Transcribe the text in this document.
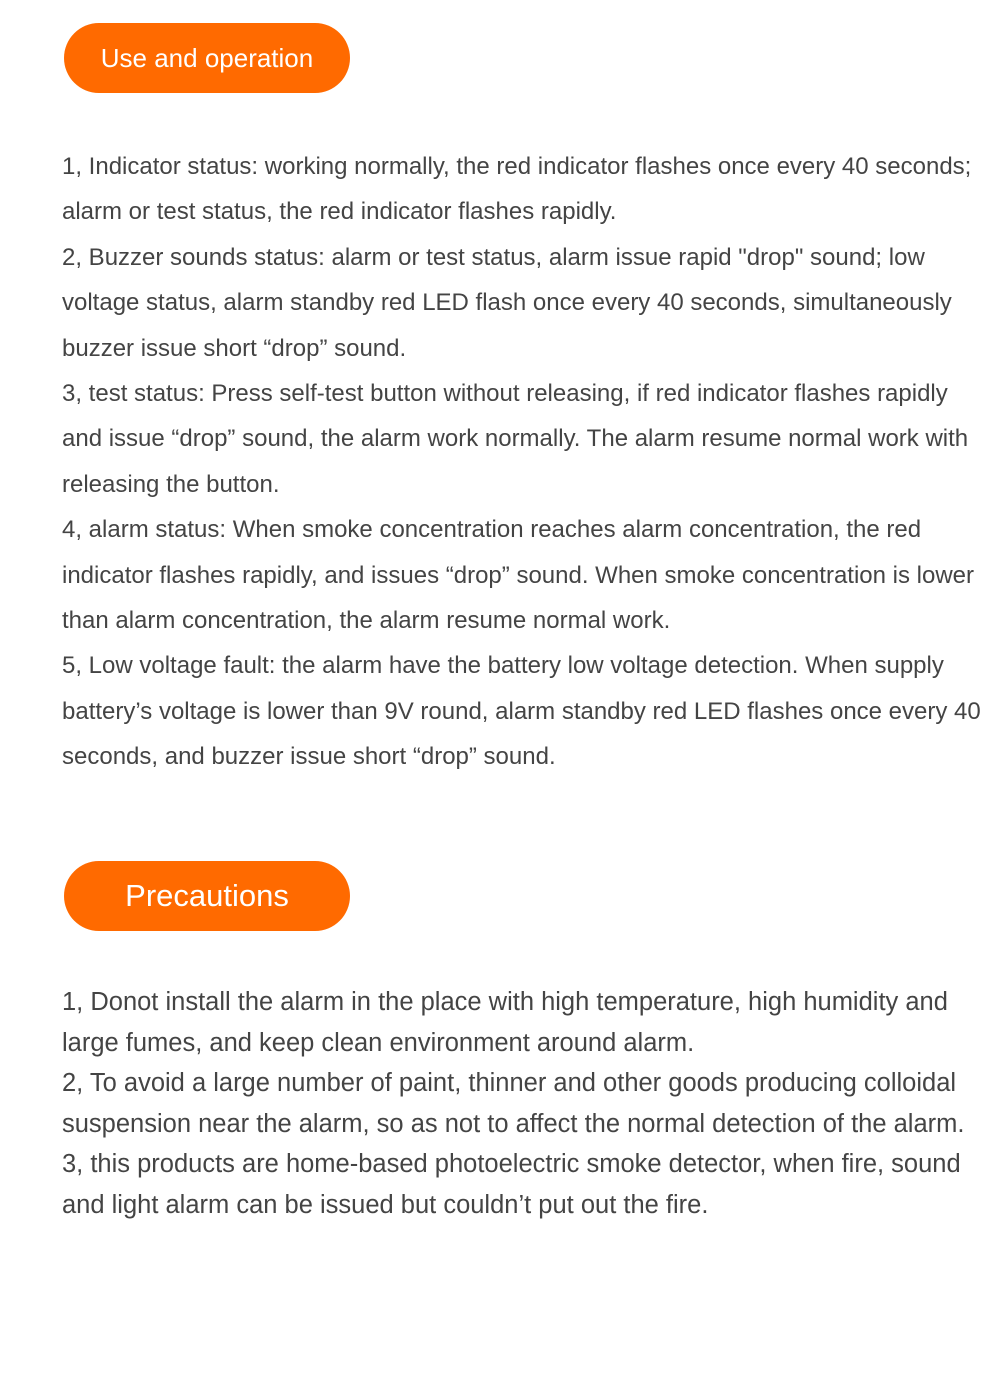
Use and operation

1, Indicator status: working normally, the red indicator flashes once every 40 seconds; alarm or test status, the red indicator flashes rapidly.

2, Buzzer sounds status: alarm or test status, alarm issue rapid "drop" sound; low voltage status, alarm standby red LED flash once every 40 seconds, simultaneously buzzer issue short “drop” sound.

3, test status: Press self-test button without releasing, if red indicator flashes rapidly and issue “drop” sound, the alarm work normally. The alarm resume normal work with releasing the button.

4, alarm status: When smoke concentration reaches alarm concentration, the red indicator flashes rapidly, and issues “drop” sound. When smoke concentration is lower than alarm concentration, the alarm resume normal work.

5, Low voltage fault: the alarm have the battery low voltage detection. When supply battery’s voltage is lower than 9V round, alarm standby red LED flashes once every 40 seconds, and buzzer issue short “drop” sound.

Precautions

1, Donot install the alarm in the place with high temperature, high humidity and large fumes, and keep clean environment around alarm.

2, To avoid a large number of paint, thinner and other goods producing colloidal suspension near the alarm, so as not to affect the normal detection of the alarm.

3, this products are home-based photoelectric smoke detector, when fire, sound and light alarm can be issued but couldn’t put out the fire.
